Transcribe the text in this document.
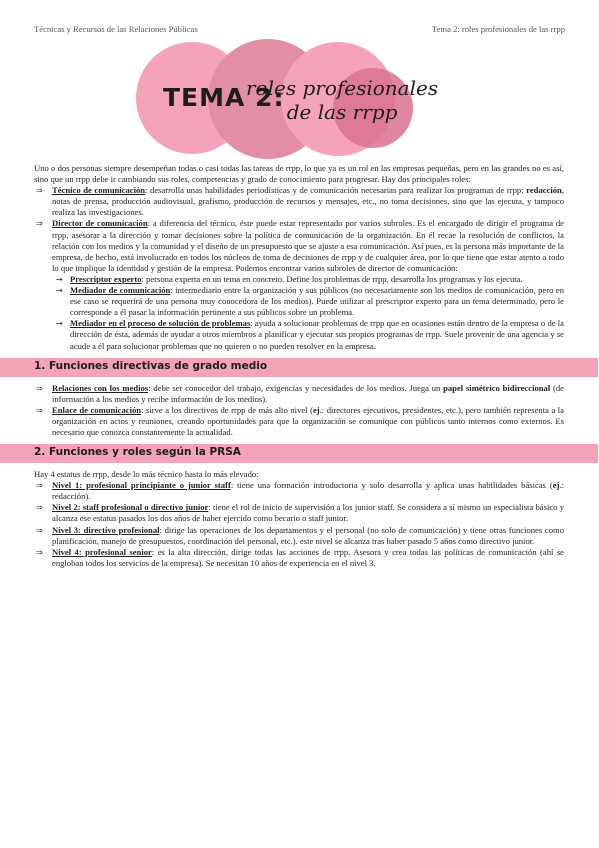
Técnicas y Recursos de las Relaciones Públicas	Tema 2: roles profesionales de las rrpp
TEMA 2:
roles profesionales
de las rrpp

Uno o dos personas siempre desempeñan todas o casi todas las tareas de rrpp, lo que ya es un rol en las empresas pequeñas, pero en las grandes no es así, sino que un rrpp debe ir cambiando sus roles, competencias y grado de conocimiento para progresar. Hay dos principales roles:

⇒ Técnico de comunicación: desarrolla unas habilidades periodísticas y de comunicación necesarias para realizar los programas de rrpp: redacción, notas de prensa, producción audiovisual, grafismo, producción de recursos y mensajes, etc., no toma decisiones, sino que las ejecuta, y tampoco realiza las investigaciones.
⇒ Director de comunicación: a diferencia del técnico, éste puede estar representado por varios subroles. Es el encargado de dirigir el programa de rrpp, asesorar a la dirección y tomar decisiones sobre la política de comunicación de la organización. En él recae la resolución de conflictos, la relación con los medios y la comunidad y el diseño de un presupuesto que se ajuste a esa comunicación. Así pues, es la persona más importante de la empresa, de hecho, está involucrado en todos los núcleos de toma de decisiones de rrpp y de cualquier área, por lo que tiene que estar atento a todo lo que implique la identidad y gestión de la empresa. Podemos encontrar varios subroles de director de comunicación:
→ Prescriptor experto: persona experta en un tema en concreto. Define los problemas de rrpp, desarrolla los programas y los ejecuta.
→ Mediador de comunicación: intermediario entre la organización y sus públicos (no necesariamente son los medios de comunicación, pero en ese caso se requerirá de una persona muy conocedora de los medios). Puede utilizar al prescriptor experto para un tema determinado, pero le corresponde a él pasar la información pertinente a sus públicos sobre un problema.
→ Mediador en el proceso de solución de problemas: ayuda a solucionar problemas de rrpp que en ocasiones están dentro de la empresa o de la dirección de ésta, además de ayudar a otros miembros a planificar y ejecutar sus propios programas de rrpp. Suele provenir de una agencia y se acude a él para solucionar problemas que no quieren o no pueden resolver en la empresa.
1. Funciones directivas de grado medio
⇒ Relaciones con los medios: debe ser conocedor del trabajo, exigencias y necesidades de los medios. Juega un papel simétrico bidireccional (de información a los medios y recibe información de los medios).
⇒ Enlace de comunicación: sirve a los directivos de rrpp de más alto nivel (ej.: directores ejecutivos, presidentes, etc.), pero también representa a la organización en actos y reuniones, creando oportunidades para que la organización se comunique con públicos tanto internos como externos. Es necesario que conozca constantemente la actualidad.
2. Funciones y roles según la PRSA

Hay 4 estatus de rrpp, desde lo más técnico hasta lo más elevado:

⇒ Nivel 1: profesional principiante o junior staff: tiene una formación introductoria y solo desarrolla y aplica unas habilidades básicas (ej.: redacción).
⇒ Nivel 2: staff profesional o directivo junior: tiene el rol de inicio de supervisión a los junior staff. Se considera a sí mismo un especialista básico y alcanza ese estatus pasados los dos años de haber ejercido como becario o staff junior.
⇒ Nivel 3: directivo profesional: dirige las operaciones de los departamentos y el personal (no solo de comunicación) y tiene otras funciones como planificación, manejo de presupuestos, coordinación del personal, etc.). este nivel se alcanza tras haber pasado 5 años como directivo junior.
⇒ Nivel 4: profesional senior: es la alta dirección, dirige todas las acciones de rrpp. Asesora y crea todas las políticas de comunicación (ahí se engloban todos los servicios de la empresa). Se necesitan 10 años de experiencia en el nivel 3.
